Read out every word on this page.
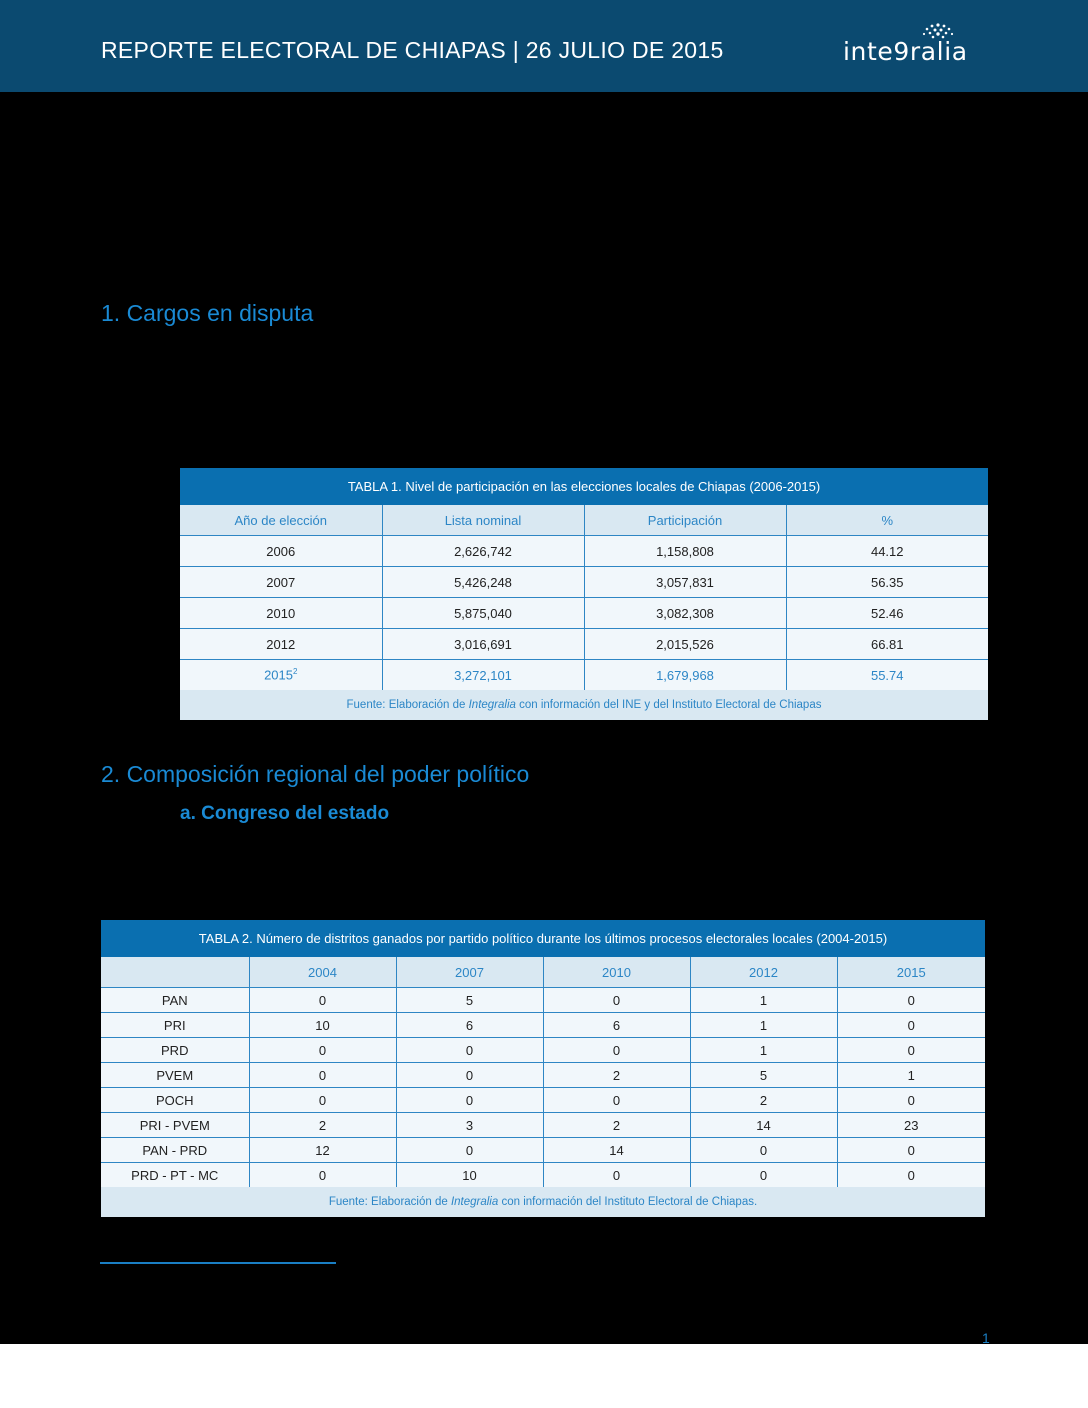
REPORTE ELECTORAL DE CHIAPAS | 26 JULIO DE 2015	inte9ralia
1. Cargos en disputa
TABLA 1. Nivel de participación en las elecciones locales de Chiapas (2006-2015)			
Año de elección	Lista nominal	Participación	%
2006	2,626,742	1,158,808	44.12
2007	5,426,248	3,057,831	56.35
2010	5,875,040	3,082,308	52.46
2012	3,016,691	2,015,526	66.81
2015$^2$	3,272,101	1,679,968	55.74
Fuente: Elaboración de Integralia con información del INE y del Instituto Electoral de Chiapas			
2. Composición regional del poder político
a. Congreso del estado
TABLA 2. Número de distritos ganados por partido político durante los últimos procesos electorales locales (2004-2015)					
	2004	2007	2010	2012	2015
PAN	0	5	0	1	0
PRI	10	6	6	1	0
PRD	0	0	0	1	0
PVEM	0	0	2	5	1
POCH	0	0	0	2	0
PRI - PVEM	2	3	2	14	23
PAN - PRD	12	0	14	0	0
PRD - PT - MC	0	10	0	0	0
Fuente: Elaboración de Integralia con información del Instituto Electoral de Chiapas.					
1
